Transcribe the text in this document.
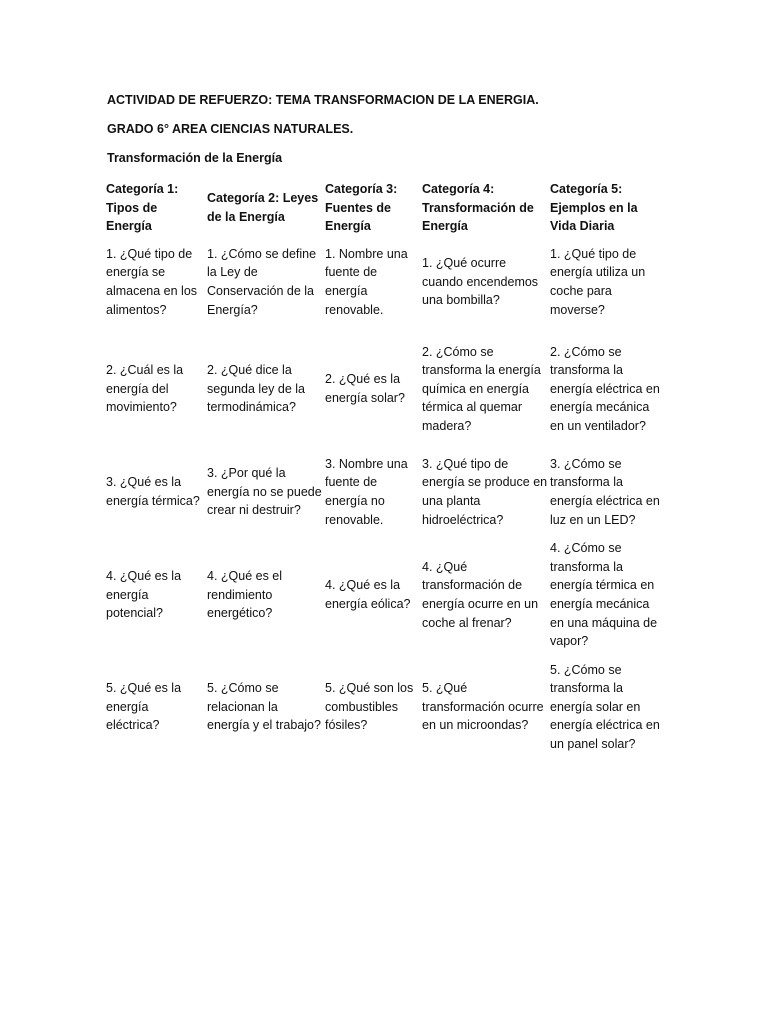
ACTIVIDAD DE REFUERZO: TEMA TRANSFORMACION DE LA ENERGIA.
GRADO 6° AREA CIENCIAS NATURALES.
Transformación de la Energía
Categoría 1: Tipos de Energía
Categoría 2: Leyes de la Energía
Categoría 3: Fuentes de Energía
Categoría 4: Transformación de Energía
Categoría 5: Ejemplos en la Vida Diaria
1. ¿Qué tipo de energía se almacena en los alimentos?
1. ¿Cómo se define la Ley de Conservación de la Energía?
1. Nombre una fuente de energía renovable.
1. ¿Qué ocurre cuando encendemos una bombilla?
1. ¿Qué tipo de energía utiliza un coche para moverse?
2. ¿Cuál es la energía del movimiento?
2. ¿Qué dice la segunda ley de la termodinámica?
2. ¿Qué es la energía solar?
2. ¿Cómo se transforma la energía química en energía térmica al quemar madera?
2. ¿Cómo se transforma la energía eléctrica en energía mecánica en un ventilador?
3. ¿Qué es la energía térmica?
3. ¿Por qué la energía no se puede crear ni destruir?
3. Nombre una fuente de energía no renovable.
3. ¿Qué tipo de energía se produce en una planta hidroeléctrica?
3. ¿Cómo se transforma la energía eléctrica en luz en un LED?
4. ¿Qué es la energía potencial?
4. ¿Qué es el rendimiento energético?
4. ¿Qué es la energía eólica?
4. ¿Qué transformación de energía ocurre en un coche al frenar?
4. ¿Cómo se transforma la energía térmica en energía mecánica en una máquina de vapor?
5. ¿Qué es la energía eléctrica?
5. ¿Cómo se relacionan la energía y el trabajo?
5. ¿Qué son los combustibles fósiles?
5. ¿Qué transformación ocurre en un microondas?
5. ¿Cómo se transforma la energía solar en energía eléctrica en un panel solar?
